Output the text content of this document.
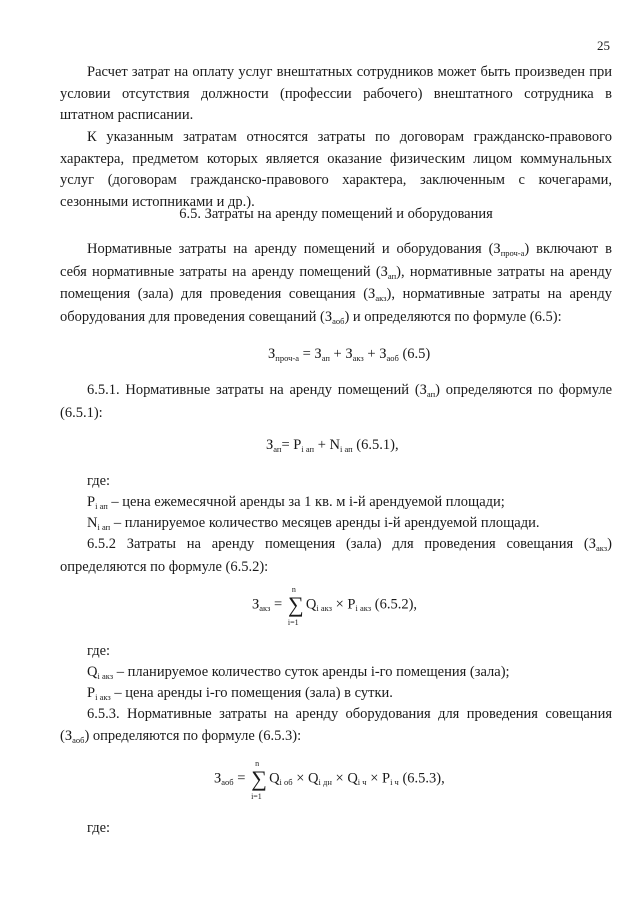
25
Расчет затрат на оплату услуг внештатных сотрудников может быть произведен при условии отсутствия должности (профессии рабочего) внештатного сотрудника в штатном расписании.
К указанным затратам относятся затраты по договорам гражданско-правового характера, предметом которых является оказание физическим лицом коммунальных услуг (договорам гражданско-правового характера, заключенным с кочегарами, сезонными истопниками и др.).
6.5. Затраты на аренду помещений и оборудования
Нормативные затраты на аренду помещений и оборудования $(З_{проч-а})$ включают в себя нормативные затраты на аренду помещений $(З_{ап})$, нормативные затраты на аренду помещения (зала) для проведения совещания $(З_{акз})$, нормативные затраты на аренду оборудования для проведения совещаний $(З_{аоб})$ и определяются по формуле (6.5):
$З_{проч-а} = З_{ап} + З_{акз} + З_{аоб}$ (6.5)
6.5.1. Нормативные затраты на аренду помещений $(З_{ап})$ определяются по формуле (6.5.1):
$З_{ап}= P_{i ап} + N_{i ап}$ (6.5.1),
где:
$P_{i ап}$ – цена ежемесячной аренды за 1 кв. м i-й арендуемой площади;
$N_{i ап}$ – планируемое количество месяцев аренды i-й арендуемой площади.
6.5.2 Затраты на аренду помещения (зала) для проведения совещания $(З_{акз})$ определяются по формуле (6.5.2):
$З_{акз}$ =
n
∑
i=1
$Q_{i акз} \times P_{i акз}$ (6.5.2),
где:
$Q_{i акз}$ – планируемое количество суток аренды i-го помещения (зала);
$P_{i акз}$ – цена аренды i-го помещения (зала) в сутки.
6.5.3. Нормативные затраты на аренду оборудования для проведения совещания $(З_{аоб})$ определяются по формуле (6.5.3):
$З_{аоб}$ =
n
∑
i=1
$Q_{i об} \times Q_{i дн} \times Q_{i ч} \times P_{i ч}$ (6.5.3),
где:
